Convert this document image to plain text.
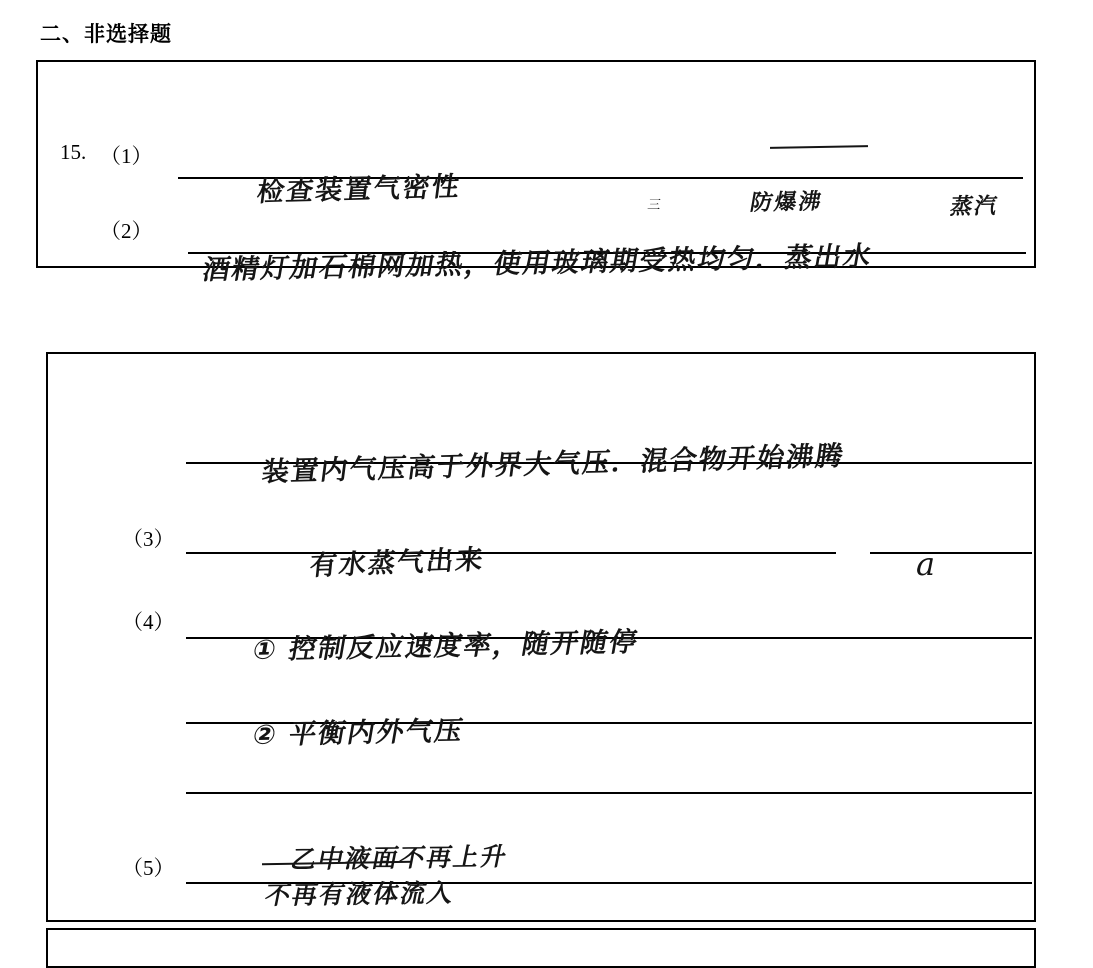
二、非选择题
15. （1）
（2）
检查装置气密性	防爆沸	蒸汽
三
酒精灯加石棉网加热，使用玻璃期受热均匀．蒸出水
（3）
（4）
（5）
装置内气压高于外界大气压．混合物开始沸腾
有水蒸气出来	a
① 控制反应速度率，随开随停
② 平衡内外气压
乙中液面不再上升
不再有液体流入
